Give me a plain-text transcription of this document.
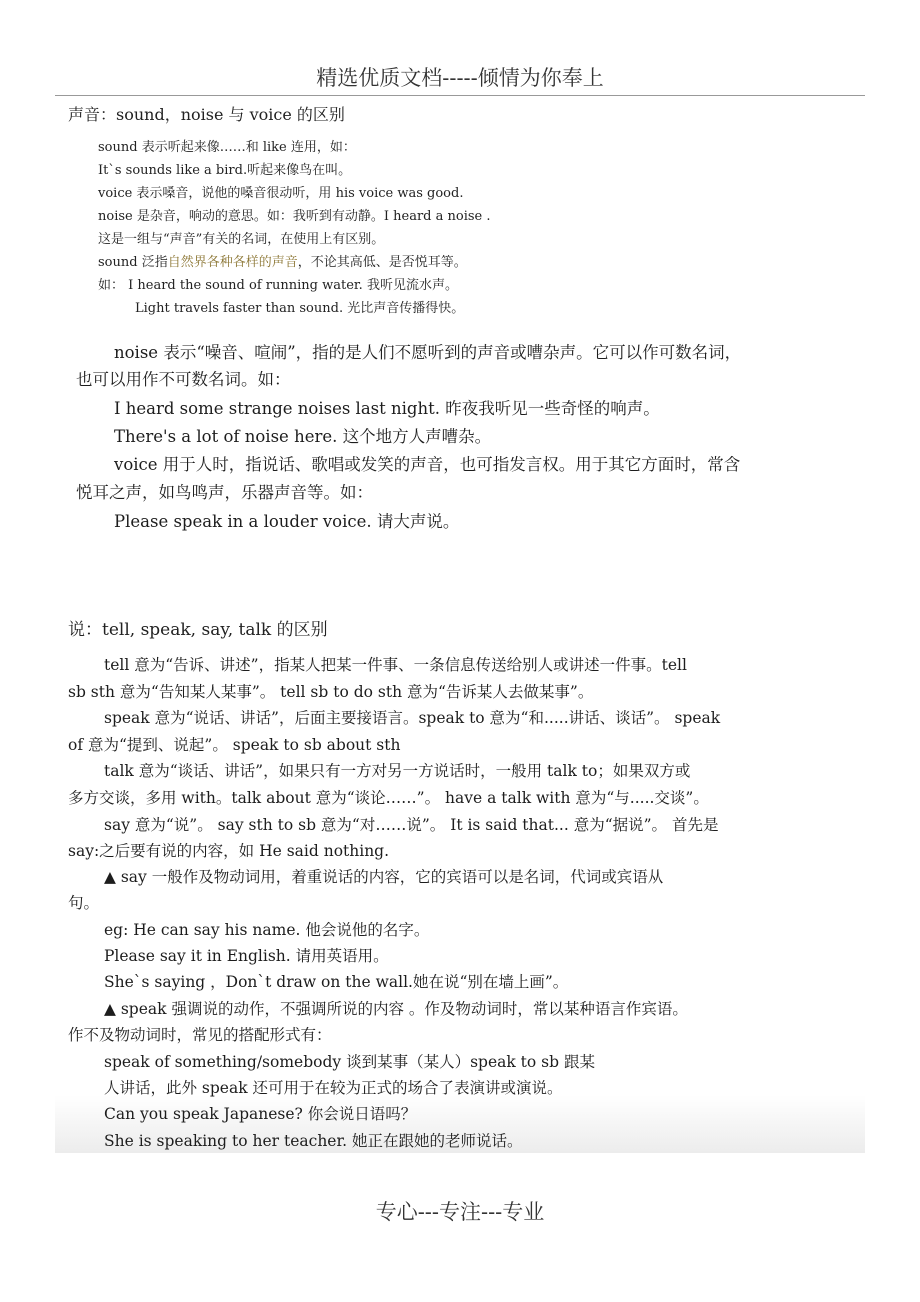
精选优质文档-----倾情为你奉上
声音：sound，noise 与 voice 的区别
sound 表示听起来像……和 like 连用，如：
It`s sounds like a bird.听起来像鸟在叫。
voice 表示嗓音，说他的嗓音很动听，用 his voice was good.
noise 是杂音，响动的意思。如：我听到有动静。I heard a noise .
这是一组与“声音”有关的名词，在使用上有区别。
sound 泛指自然界各种各样的声音，不论其高低、是否悦耳等。
如： I heard the sound of running water. 我听见流水声。
Light travels faster than sound. 光比声音传播得快。
noise 表示“噪音、喧闹”，指的是人们不愿听到的声音或嘈杂声。它可以作可数名词，
也可以用作不可数名词。如：
I heard some strange noises last night. 昨夜我听见一些奇怪的响声。
There's a lot of noise here. 这个地方人声嘈杂。
voice 用于人时，指说话、歌唱或发笑的声音，也可指发言权。用于其它方面时，常含
悦耳之声，如鸟鸣声，乐器声音等。如：
Please speak in a louder voice. 请大声说。
说：tell, speak, say, talk 的区别
tell 意为“告诉、讲述”，指某人把某一件事、一条信息传送给别人或讲述一件事。tell
sb sth 意为“告知某人某事”。 tell sb to do sth 意为“告诉某人去做某事”。
speak 意为“说话、讲话”，后面主要接语言。speak to 意为“和.....讲话、谈话”。 speak
of 意为“提到、说起”。 speak to sb about sth
talk 意为“谈话、讲话”，如果只有一方对另一方说话时，一般用 talk to；如果双方或
多方交谈，多用 with。talk about 意为“谈论……”。 have a talk with 意为“与.....交谈”。
say 意为“说”。 say sth to sb 意为“对……说”。 It is said that... 意为“据说”。 首先是
say:之后要有说的内容，如 He said nothing.
▲ say 一般作及物动词用，着重说话的内容，它的宾语可以是名词，代词或宾语从
句。
eg: He can say his name. 他会说他的名字。
Please say it in English. 请用英语用。
She`s saying ，Don`t draw on the wall.她在说“别在墙上画”。
▲ speak 强调说的动作，不强调所说的内容 。作及物动词时，常以某种语言作宾语。
作不及物动词时，常见的搭配形式有：
speak of something/somebody 谈到某事（某人）speak to sb 跟某
人讲话，此外 speak 还可用于在较为正式的场合了表演讲或演说。
Can you speak Japanese? 你会说日语吗？
She is speaking to her teacher. 她正在跟她的老师说话。
专心---专注---专业
